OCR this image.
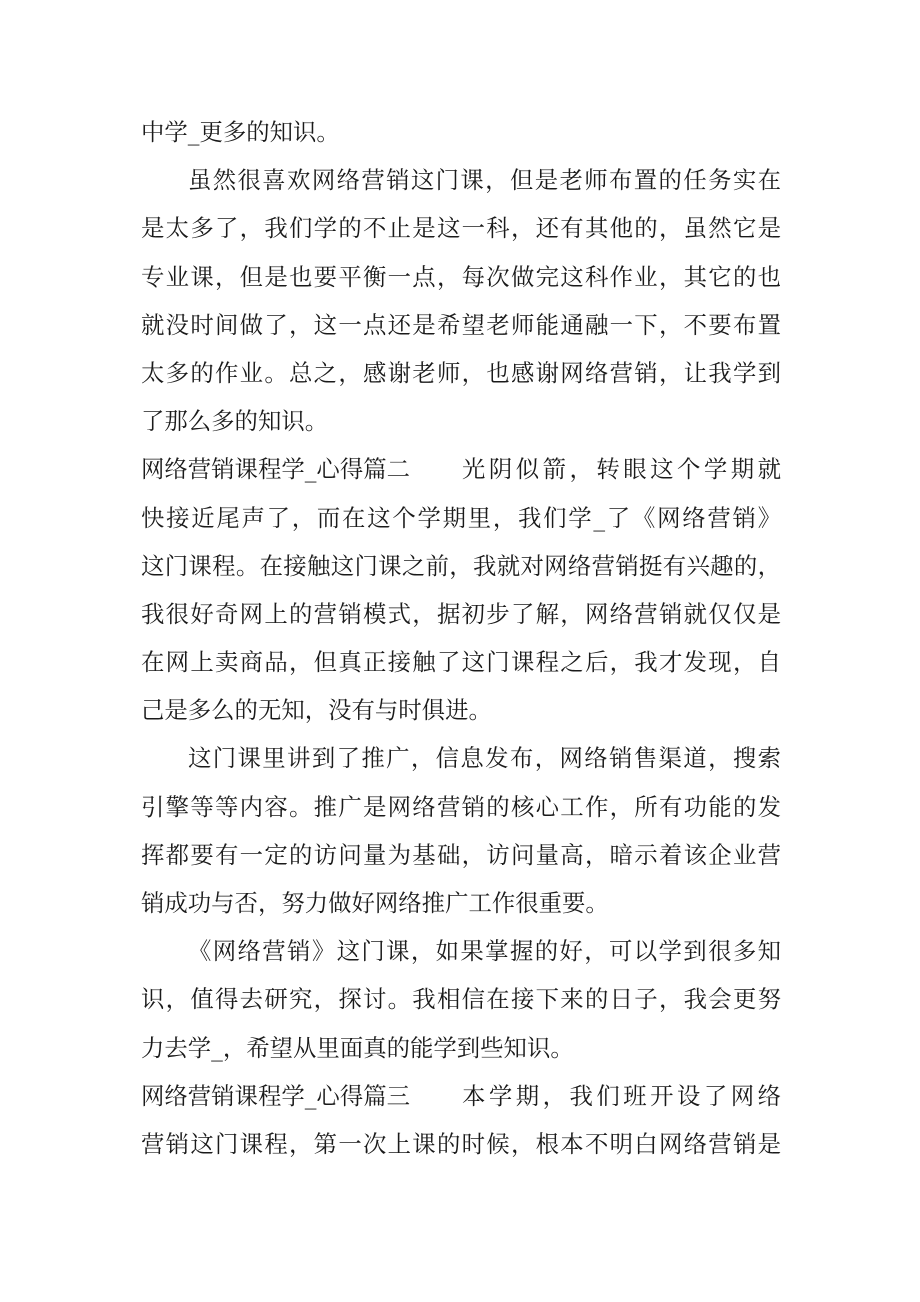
中学_更多的知识。
虽然很喜欢网络营销这门课，但是老师布置的任务实在
是太多了，我们学的不止是这一科，还有其他的，虽然它是
专业课，但是也要平衡一点，每次做完这科作业，其它的也
就没时间做了，这一点还是希望老师能通融一下，不要布置
太多的作业。总之，感谢老师，也感谢网络营销，让我学到
了那么多的知识。
网络营销课程学_心得篇二	光阴似箭，转眼这个学期就
快接近尾声了，而在这个学期里，我们学_了《网络营销》
这门课程。在接触这门课之前，我就对网络营销挺有兴趣的，
我很好奇网上的营销模式，据初步了解，网络营销就仅仅是
在网上卖商品，但真正接触了这门课程之后，我才发现，自
己是多么的无知，没有与时俱进。
这门课里讲到了推广，信息发布，网络销售渠道，搜索
引擎等等内容。推广是网络营销的核心工作，所有功能的发
挥都要有一定的访问量为基础，访问量高，暗示着该企业营
销成功与否，努力做好网络推广工作很重要。
《网络营销》这门课，如果掌握的好，可以学到很多知
识，值得去研究，探讨。我相信在接下来的日子，我会更努
力去学_，希望从里面真的能学到些知识。
网络营销课程学_心得篇三	本学期，我们班开设了网络
营销这门课程，第一次上课的时候，根本不明白网络营销是
